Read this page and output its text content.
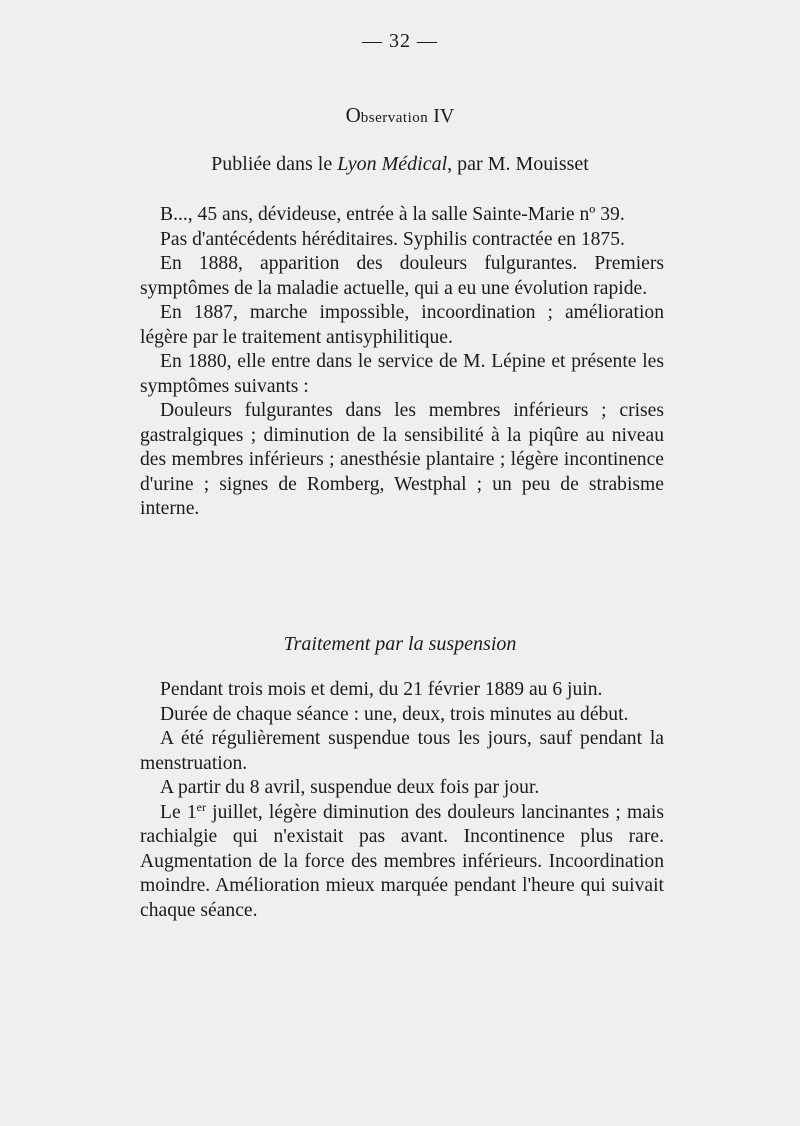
— 32 —
Observation IV
Publiée dans le Lyon Médical, par M. Mouisset

B..., 45 ans, dévideuse, entrée à la salle Sainte-Marie nº 39.

Pas d'antécédents héréditaires. Syphilis contractée en 1875.

En 1888, apparition des douleurs fulgurantes. Premiers symptômes de la maladie actuelle, qui a eu une évolution rapide.

En 1887, marche impossible, incoordination ; amélioration légère par le traitement antisyphilitique.

En 1880, elle entre dans le service de M. Lépine et présente les symptômes suivants :

Douleurs fulgurantes dans les membres inférieurs ; crises gastralgiques ; diminution de la sensibilité à la piqûre au niveau des membres inférieurs ; anesthésie plantaire ; légère incontinence d'urine ; signes de Romberg, Westphal ; un peu de strabisme interne.

Traitement par la suspension

Pendant trois mois et demi, du 21 février 1889 au 6 juin.

Durée de chaque séance : une, deux, trois minutes au début.

A été régulièrement suspendue tous les jours, sauf pendant la menstruation.

A partir du 8 avril, suspendue deux fois par jour.

Le 1er juillet, légère diminution des douleurs lancinantes ; mais rachialgie qui n'existait pas avant. Incontinence plus rare. Augmentation de la force des membres inférieurs. Incoordination moindre. Amélioration mieux marquée pendant l'heure qui suivait chaque séance.
